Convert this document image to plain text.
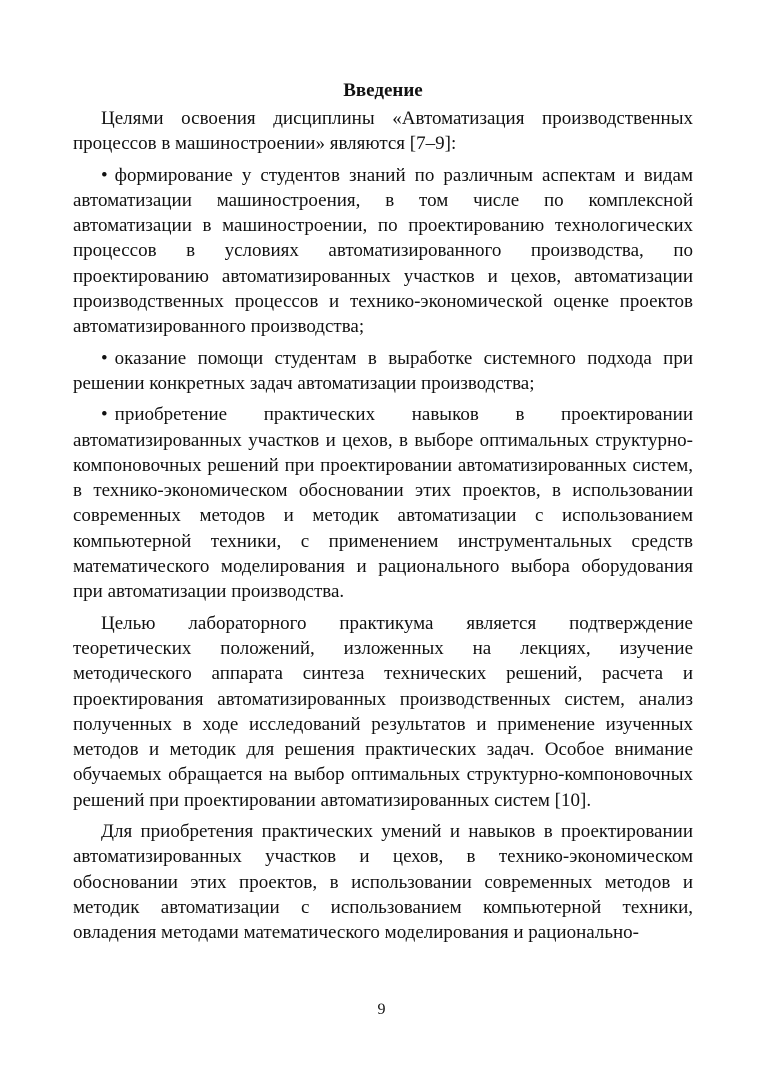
Введение

Целями освоения дисциплины «Автоматизация производственных процессов в машиностроении» являются [7–9]:

• формирование у студентов знаний по различным аспектам и видам автоматизации машиностроения, в том числе по комплексной автоматизации в машиностроении, по проектированию технологических процессов в условиях автоматизированного производства, по проектированию автоматизированных участков и цехов, автоматизации производственных процессов и технико-экономической оценке проектов автоматизированного производства;

• оказание помощи студентам в выработке системного подхода при решении конкретных задач автоматизации производства;

• приобретение практических навыков в проектировании автоматизированных участков и цехов, в выборе оптимальных структурно-компоновочных решений при проектировании автоматизированных систем, в технико-экономическом обосновании этих проектов, в использовании современных методов и методик автоматизации с использованием компьютерной техники, с применением инструментальных средств математического моделирования и рационального выбора оборудования при автоматизации производства.

Целью лабораторного практикума является подтверждение теоретических положений, изложенных на лекциях, изучение методического аппарата синтеза технических решений, расчета и проектирования автоматизированных производственных систем, анализ полученных в ходе исследований результатов и применение изученных методов и методик для решения практических задач. Особое внимание обучаемых обращается на выбор оптимальных структурно-компоновочных решений при проектировании автоматизированных систем [10].

Для приобретения практических умений и навыков в проектировании автоматизированных участков и цехов, в технико-экономическом обосновании этих проектов, в использовании современных методов и методик автоматизации с использованием компьютерной техники, овладения методами математического моделирования и рационально-

9
